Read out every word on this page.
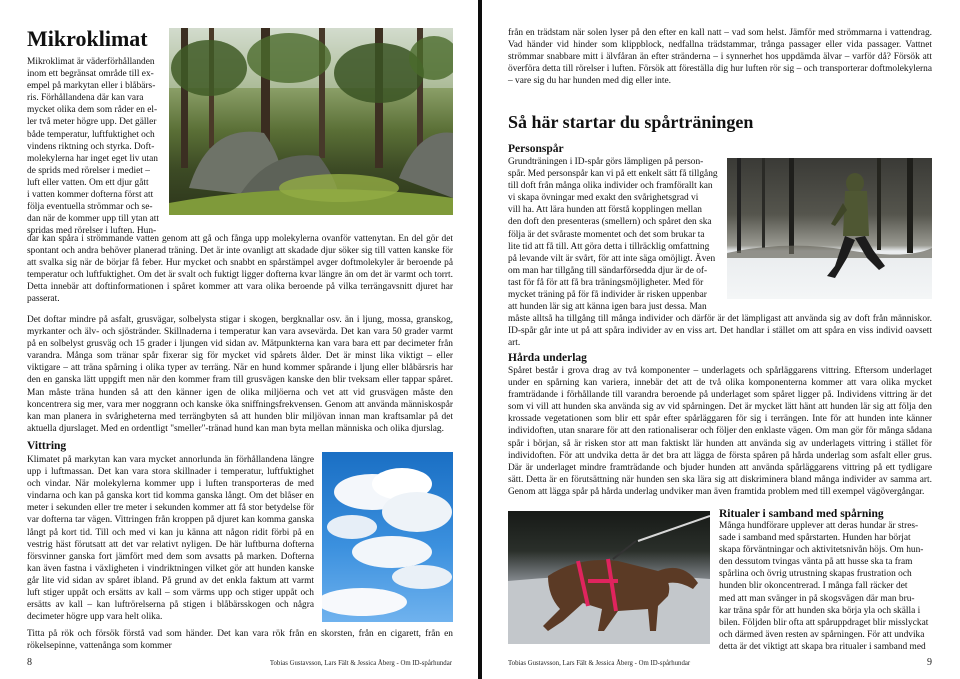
Mikroklimat
Mikroklimat är väderförhållanden
inom ett begränsat område till ex-
empel på markytan eller i blåbärs-
ris. Förhållandena där kan vara
mycket olika dem som råder en el-
ler två meter högre upp. Det gäller
både temperatur, luftfuktighet och
vindens riktning och styrka. Doft-
molekylerna har inget eget liv utan
de sprids med rörelser i mediet –
luft eller vatten. Om ett djur gått
i vatten kommer dofterna först att
följa eventuella strömmar och se-
dan när de kommer upp till ytan att
spridas med rörelser i luften. Hun-

dar kan spåra i strömmande vatten genom att gå och fånga upp molekylerna ovanför vattenytan. En del gör det spontant och andra behöver planerad träning. Det är inte ovanligt att skadade djur söker sig till vatten kanske för att svalka sig när de börjar få feber. Hur mycket och snabbt en spårstämpel avger doftmolekyler är beroende på temperatur och luftfuktighet. Om det är svalt och fuktigt ligger dofterna kvar längre än om det är varmt och torrt. Detta innebär att doftinformationen i spåret kommer att vara olika beroende på vilka terrängavsnitt djuret har passerat.

Det doftar mindre på asfalt, grusvägar, solbelysta stigar i skogen, bergknallar osv. än i ljung, mossa, granskog, myrkanter och älv- och sjöstränder. Skillnaderna i temperatur kan vara avsevärda. Det kan vara 50 grader varmt på en solbelyst grusväg och 15 grader i ljungen vid sidan av. Mätpunkterna kan vara bara ett par decimeter från varandra. Många som tränar spår fixerar sig för mycket vid spårets ålder. Det är minst lika viktigt – eller viktigare – att träna spårning i olika typer av terräng. När en hund kommer spårande i ljung eller blåbärsris har den en ganska lätt uppgift men när den kommer fram till grusvägen kanske den blir tveksam eller tappar spåret. Man måste träna hunden så att den känner igen de olika miljöerna och vet att vid grusvägen måste den koncentrera sig mer, vara mer noggrann och kanske öka sniffningsfrekvensen. Genom att använda människospår kan man planera in svårigheterna med terrängbyten så att hunden blir miljövan innan man kraftsamlar på det aktuella djurslaget. Med en ordentligt "smeller"-tränad hund kan man byta mellan människa och olika djurslag.

Vittring

Klimatet på markytan kan vara mycket annorlunda än förhållandena längre upp i luftmassan. Det kan vara stora skillnader i temperatur, luftfuktighet och vindar. När molekylerna kommer upp i luften transporteras de med vindarna och kan på ganska kort tid komma ganska långt. Om det blåser en meter i sekunden eller tre meter i sekunden kommer att få stor betydelse för var dofterna tar vägen. Vittringen från kroppen på djuret kan komma ganska långt på kort tid. Till och med vi kan ju känna att någon ridit förbi på en vestrig häst förutsatt att det var relativt nyligen. De här luftburna dofterna försvinner ganska fort jämfört med dem som avsatts på marken. Dofterna kan även fastna i växligheten i vindriktningen vilket gör att hunden kanske går lite vid sidan av spåret ibland. På grund av det enkla faktum att varmt luft stiger uppåt och ersätts av kall – som värms upp och stiger uppåt och ersätts av kall – kan luftrörelserna på stigen i blåbärsskogen och några decimeter högre upp vara helt olika.

Titta på rök och försök förstå vad som händer. Det kan vara rök från en skorsten, från en cigarett, från en rökelsepinne, vattenånga som kommer

8	Tobias Gustavsson, Lars Fält & Jessica Åberg - Om ID-spårhundar

från en trädstam när solen lyser på den efter en kall natt – vad som helst. Jämför med strömmarna i vattendrag. Vad händer vid hinder som klippblock, nedfallna trädstammar, trånga passager eller vida passager. Vattnet strömmar snabbare mitt i älvfåran än efter stränderna – i synnerhet hos uppdämda älvar – varför då? Försök att överföra detta till rörelser i luften. Försök att föreställa dig hur luften rör sig – och transporterar doftmolekylerna – vare sig du har hunden med dig eller inte.

Så här startar du spårträningen
Personspår
Grundträningen i ID-spår görs lämpligen på person-
spår. Med personspår kan vi på ett enkelt sätt få tillgång
till doft från många olika individer och framförallt kan
vi skapa övningar med exakt den svårighetsgrad vi
vill ha. Att lära hunden att förstå kopplingen mellan
den doft den presenteras (smellern) och spåret den ska
följa är det svåraste momentet och det som brukar ta
lite tid att få till. Att göra detta i tillräcklig omfattning
på levande vilt är svårt, för att inte säga omöjligt. Även
om man har tillgång till sändarförsedda djur är de of-
tast för få för att få bra träningsmöjligheter. Med för
mycket träning på för få individer är risken uppenbar
att hunden lär sig att känna igen bara just dessa. Man

måste alltså ha tillgång till många individer och därför är det lämpligast att använda sig av doft från människor. ID-spår går inte ut på att spåra individer av en viss art. Det handlar i stället om att spåra en viss individ oavsett art.

Hårda underlag

Spåret består i grova drag av två komponenter – underlagets och spårläggarens vittring. Eftersom underlaget under en spårning kan variera, innebär det att de två olika komponenterna kommer att vara olika mycket framträdande i förhållande till varandra beroende på underlaget som spåret ligger på. Individens vittring är det som vi vill att hunden ska använda sig av vid spårningen. Det är mycket lätt hänt att hunden lär sig att följa den krossade vegetationen som blir ett spår efter spårläggaren för sig i terrängen. Inte för att hunden inte känner individoften, utan snarare för att den rationaliserar och följer den enklaste vägen. Om man gör för många sådana spår i början, så är risken stor att man faktiskt lär hunden att använda sig av underlagets vittring i stället för individoften. För att undvika detta är det bra att lägga de första spåren på hårda underlag som asfalt eller grus. Där är underlaget mindre framträdande och bjuder hunden att använda spårläggarens vittring på ett tydligare sätt. Detta är en förutsättning när hunden sen ska lära sig att diskriminera bland många individer av samma art. Genom att lägga spår på hårda underlag undviker man även framtida problem med till exempel vägövergångar.

Ritualer i samband med spårning
Många hundförare upplever att deras hundar är stres-
sade i samband med spårstarten. Hunden har börjat
skapa förväntningar och aktivitetsnivån höjs. Om hun-
den dessutom tvingas vänta på att husse ska ta fram
spårlina och övrig utrustning skapas frustration och
hunden blir okoncentrerad. I många fall räcker det
med att man svänger in på skogsvägen där man bru-
kar träna spår för att hunden ska börja yla och skälla i
bilen. Följden blir ofta att spåruppdraget blir misslyckat
och därmed även resten av spårningen. För att undvika
detta är det viktigt att skapa bra ritualer i samband med
Tobias Gustavsson, Lars Fält & Jessica Åberg - Om ID-spårhundar	9
